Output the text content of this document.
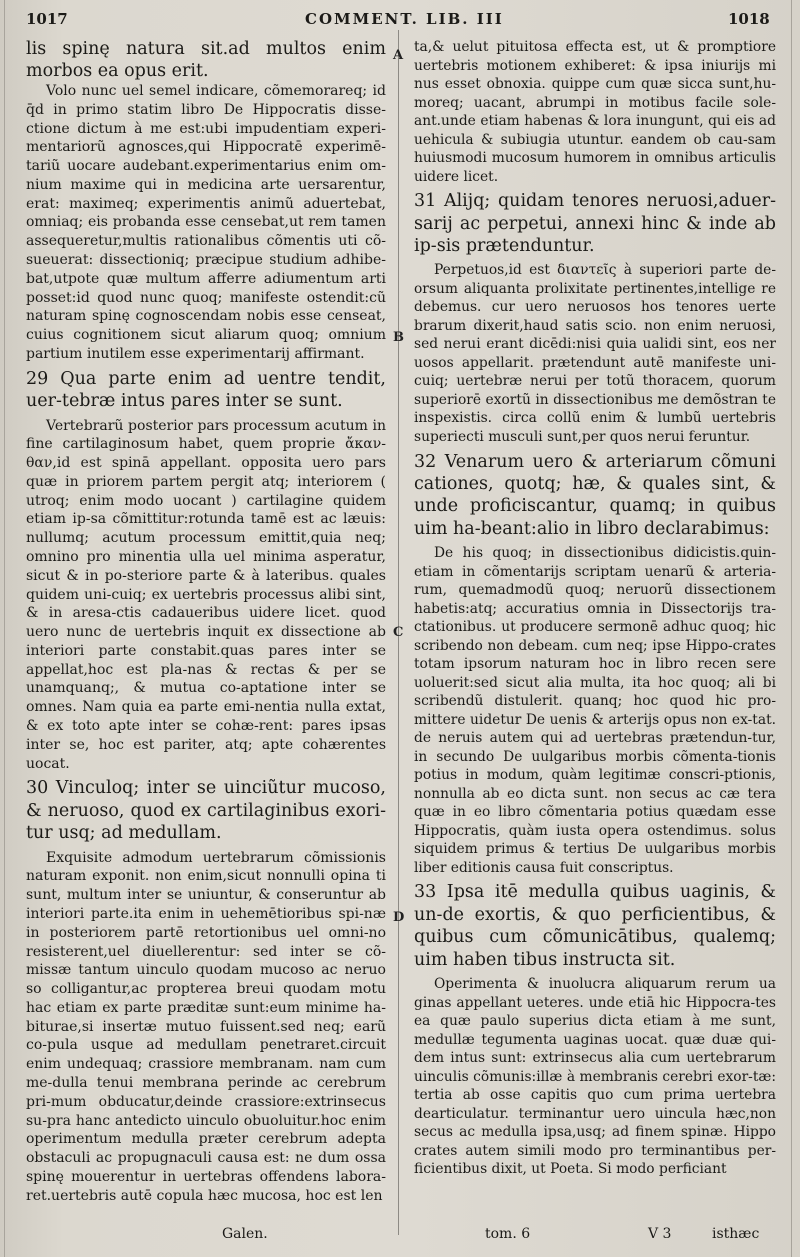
1017	COMMENT. LIB. III	1018
A
B
C
D

lis spinę natura sit.ad multos enim morbos ea opus erit.

Volo nunc uel semel indicare, cõmemorareq; id q̄d in primo statim libro De Hippocratis disse-ctione dictum à me est:ubi impudentiam experi-mentariorũ agnosces,qui Hippocratē experimē-tariũ uocare audebant.experimentarius enim om-nium maxime qui in medicina arte uersarentur, erat: maximeq; experimentis animũ aduertebat, omniaq; eis probanda esse censebat,ut rem tamen assequeretur,multis rationalibus cõmentis uti cõ-sueuerat: dissectioniq; præcipue studium adhibe-bat,utpote quæ multum afferre adiumentum arti posset:id quod nunc quoq; manifeste ostendit:cũ naturam spinę cognoscendam nobis esse censeat, cuius cognitionem sicut aliarum quoq; omnium partium inutilem esse experimentarij affirmant.

29 Qua parte enim ad uentre tendit, uer-tebræ intus pares inter se sunt.

Vertebrarũ posterior pars processum acutum in fine cartilaginosum habet, quem proprie ἄκαν-θαν,id est spinā appellant. opposita uero pars quæ in priorem partem pergit atq; interiorem ( utroq; enim modo uocant ) cartilagine quidem etiam ip-sa cõmittitur:rotunda tamē est ac læuis: nullumq; acutum processum emittit,quia neq; omnino pro minentia ulla uel minima asperatur, sicut & in po-steriore parte & à lateribus. quales quidem uni-cuiq; ex uertebris processus alibi sint, & in aresa-ctis cadaueribus uidere licet. quod uero nunc de uertebris inquit ex dissectione ab interiori parte constabit.quas pares inter se appellat,hoc est pla-nas & rectas & per se unamquanq;, & mutua co-aptatione inter se omnes. Nam quia ea parte emi-nentia nulla extat, & ex toto apte inter se cohæ-rent: pares ipsas inter se, hoc est pariter, atq; apte cohærentes uocat.

30 Vinculoq; inter se uinciũtur mucoso, & neruoso, quod ex cartilaginibus exori-tur usq; ad medullam.

Exquisite admodum uertebrarum cõmissionis naturam exponit. non enim,sicut nonnulli opina ti sunt, multum inter se uniuntur, & conseruntur ab interiori parte.ita enim in uehemētioribus spi-næ in posteriorem partē retortionibus uel omni-no resisterent,uel diuellerentur: sed inter se cõ-missæ tantum uinculo quodam mucoso ac neruo so colligantur,ac propterea breui quodam motu hac etiam ex parte præditæ sunt:eum minime ha-biturae,si insertæ mutuo fuissent.sed neq; earũ co-pula usque ad medullam penetraret.circuit enim undequaq; crassiore membranam. nam cum me-dulla tenui membrana perinde ac cerebrum pri-mum obducatur,deinde crassiore:extrinsecus su-pra hanc antedicto uinculo obuoluitur.hoc enim operimentum medulla præter cerebrum adepta obstaculi ac propugnaculi causa est: ne dum ossa spinę mouerentur in uertebras offendens labora-ret.uertebris autē copula hæc mucosa, hoc est len

ta,& uelut pituitosa effecta est, ut & promptiore uertebris motionem exhiberet: & ipsa iniurijs mi nus esset obnoxia. quippe cum quæ sicca sunt,hu-moreq; uacant, abrumpi in motibus facile sole-ant.unde etiam habenas & lora inungunt, qui eis ad uehicula & subiugia utuntur. eandem ob cau-sam huiusmodi mucosum humorem in omnibus articulis uidere licet.

31 Alijq; quidam tenores neruosi,aduer-sarij ac perpetui, annexi hinc & inde ab ip-sis prætenduntur.

Perpetuos,id est διαντεῖς à superiori parte de-orsum aliquanta prolixitate pertinentes,intellige re debemus. cur uero neruosos hos tenores uerte brarum dixerit,haud satis scio. non enim neruosi, sed nerui erant dicēdi:nisi quia ualidi sint, eos ner uosos appellarit. prætendunt autē manifeste uni-cuiq; uertebræ nerui per totũ thoracem, quorum superiorē exortũ in dissectionibus me demõstran te inspexistis. circa collũ enim & lumbũ uertebris superiecti musculi sunt,per quos nerui feruntur.

32 Venarum uero & arteriarum cõmuni cationes, quotq; hæ, & quales sint, & unde proficiscantur, quamq; in quibus uim ha-beant:alio in libro declarabimus:

De his quoq; in dissectionibus didicistis.quin-etiam in cõmentarijs scriptam uenarũ & arteria-rum, quemadmodũ quoq; neruorũ dissectionem habetis:atq; accuratius omnia in Dissectorijs tra-ctationibus. ut producere sermonē adhuc quoq; hic scribendo non debeam. cum neq; ipse Hippo-crates totam ipsorum naturam hoc in libro recen sere uoluerit:sed sicut alia multa, ita hoc quoq; ali bi scribendũ distulerit. quanq; hoc quod hic pro-mittere uidetur De uenis & arterijs opus non ex-tat. de neruis autem qui ad uertebras prætendun-tur, in secundo De uulgaribus morbis cõmenta-tionis potius in modum, quàm legitimæ conscri-ptionis, nonnulla ab eo dicta sunt. non secus ac cæ tera quæ in eo libro cõmentaria potius quædam esse Hippocratis, quàm iusta opera ostendimus. solus siquidem primus & tertius De uulgaribus morbis liber editionis causa fuit conscriptus.

33 Ipsa itē medulla quibus uaginis, & un-de exortis, & quo perficientibus, & quibus cum cõmunicātibus, qualemq; uim haben tibus instructa sit.

Operimenta & inuolucra aliquarum rerum ua ginas appellant ueteres. unde etiā hic Hippocra-tes ea quæ paulo superius dicta etiam à me sunt, medullæ tegumenta uaginas uocat. quæ duæ qui-dem intus sunt: extrinsecus alia cum uertebrarum uinculis cõmunis:illæ à membranis cerebri exor-tæ: tertia ab osse capitis quo cum prima uertebra dearticulatur. terminantur uero uincula hæc,non secus ac medulla ipsa,usq; ad finem spinæ. Hippo crates autem simili modo pro terminantibus per-ficientibus dixit, ut Poeta. Si modo perficiant

Galen.	tom. 6	V 3	isthæc
